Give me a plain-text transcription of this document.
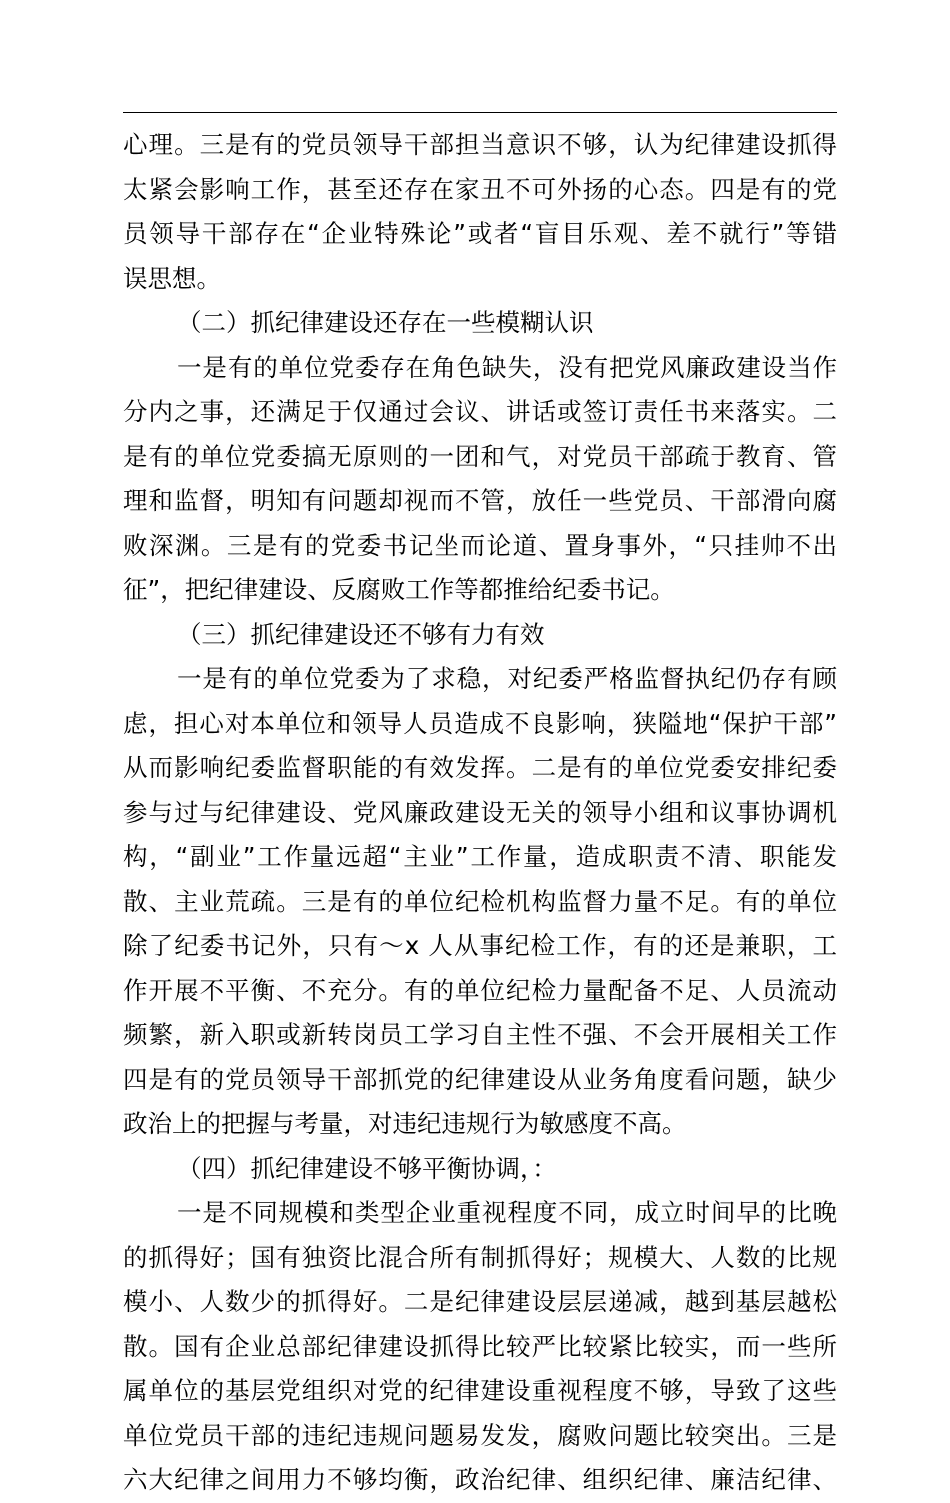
心理。三是有的党员领导干部担当意识不够，认为纪律建设抓得
太紧会影响工作，甚至还存在家丑不可外扬的心态。四是有的党
员领导干部存在“企业特殊论”或者“盲目乐观、差不就行”等错
误思想。
（二）抓纪律建设还存在一些模糊认识
一是有的单位党委存在角色缺失，没有把党风廉政建设当作
分内之事，还满足于仅通过会议、讲话或签订责任书来落实。二
是有的单位党委搞无原则的一团和气，对党员干部疏于教育、管
理和监督，明知有问题却视而不管，放任一些党员、干部滑向腐
败深渊。三是有的党委书记坐而论道、置身事外，“只挂帅不出
征”，把纪律建设、反腐败工作等都推给纪委书记。
（三）抓纪律建设还不够有力有效
一是有的单位党委为了求稳，对纪委严格监督执纪仍存有顾
虑，担心对本单位和领导人员造成不良影响，狭隘地“保护干部”
从而影响纪委监督职能的有效发挥。二是有的单位党委安排纪委
参与过与纪律建设、党风廉政建设无关的领导小组和议事协调机
构，“副业”工作量远超“主业”工作量，造成职责不清、职能发
散、主业荒疏。三是有的单位纪检机构监督力量不足。有的单位
除了纪委书记外，只有～x 人从事纪检工作，有的还是兼职，工
作开展不平衡、不充分。有的单位纪检力量配备不足、人员流动
频繁，新入职或新转岗员工学习自主性不强、不会开展相关工作
四是有的党员领导干部抓党的纪律建设从业务角度看问题，缺少
政治上的把握与考量，对违纪违规行为敏感度不高。
（四）抓纪律建设不够平衡协调，：
一是不同规模和类型企业重视程度不同，成立时间早的比晚
的抓得好；国有独资比混合所有制抓得好；规模大、人数的比规
模小、人数少的抓得好。二是纪律建设层层递减，越到基层越松
散。国有企业总部纪律建设抓得比较严比较紧比较实，而一些所
属单位的基层党组织对党的纪律建设重视程度不够，导致了这些
单位党员干部的违纪违规问题易发发，腐败问题比较突出。三是
六大纪律之间用力不够均衡，政治纪律、组织纪律、廉洁纪律、
